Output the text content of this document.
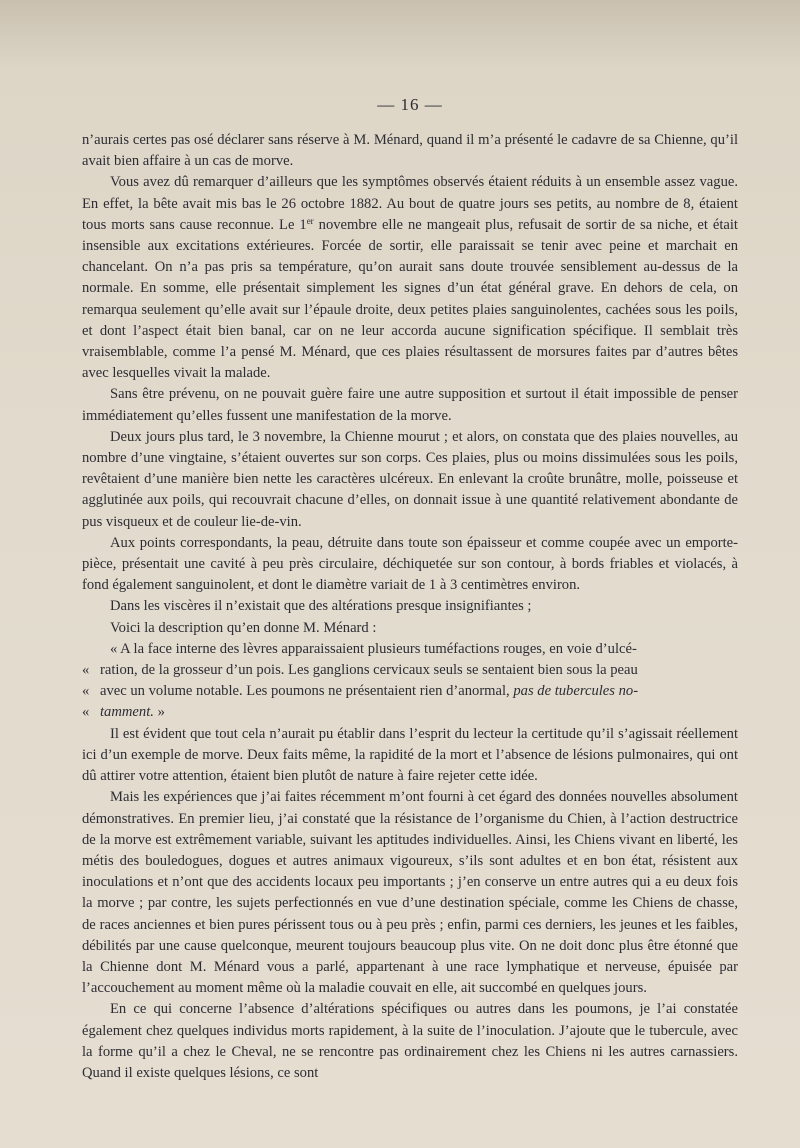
— 16 —

n’aurais certes pas osé déclarer sans réserve à M. Ménard, quand il m’a présenté le cadavre de sa Chienne, qu’il avait bien affaire à un cas de morve.

Vous avez dû remarquer d’ailleurs que les symptômes observés étaient réduits à un ensemble assez vague. En effet, la bête avait mis bas le 26 octobre 1882. Au bout de quatre jours ses petits, au nombre de 8, étaient tous morts sans cause reconnue. Le 1er novembre elle ne mangeait plus, refusait de sortir de sa niche, et était insensible aux excitations extérieures. Forcée de sortir, elle paraissait se tenir avec peine et marchait en chancelant. On n’a pas pris sa température, qu’on aurait sans doute trouvée sensiblement au-dessus de la normale. En somme, elle présentait simplement les signes d’un état général grave. En dehors de cela, on remarqua seulement qu’elle avait sur l’épaule droite, deux petites plaies sanguinolentes, cachées sous les poils, et dont l’aspect était bien banal, car on ne leur accorda aucune signification spécifique. Il semblait très vraisemblable, comme l’a pensé M. Ménard, que ces plaies résultassent de morsures faites par d’autres bêtes avec lesquelles vivait la malade.

Sans être prévenu, on ne pouvait guère faire une autre supposition et surtout il était impossible de penser immédiatement qu’elles fussent une manifestation de la morve.

Deux jours plus tard, le 3 novembre, la Chienne mourut ; et alors, on constata que des plaies nouvelles, au nombre d’une vingtaine, s’étaient ouvertes sur son corps. Ces plaies, plus ou moins dissimulées sous les poils, revêtaient d’une manière bien nette les caractères ulcéreux. En enlevant la croûte brunâtre, molle, poisseuse et agglutinée aux poils, qui recouvrait chacune d’elles, on donnait issue à une quantité relativement abondante de pus visqueux et de couleur lie-de-vin.

Aux points correspondants, la peau, détruite dans toute son épaisseur et comme coupée avec un emporte-pièce, présentait une cavité à peu près circulaire, déchiquetée sur son contour, à bords friables et violacés, à fond également sanguinolent, et dont le diamètre variait de 1 à 3 centimètres environ.

Dans les viscères il n’existait que des altérations presque insignifiantes ;

Voici la description qu’en donne M. Ménard :

« A la face interne des lèvres apparaissaient plusieurs tuméfactions rouges, en voie d’ulcé-

« ration, de la grosseur d’un pois. Les ganglions cervicaux seuls se sentaient bien sous la peau

« avec un volume notable. Les poumons ne présentaient rien d’anormal, pas de tubercules no-

« tamment. »

Il est évident que tout cela n’aurait pu établir dans l’esprit du lecteur la certitude qu’il s’agissait réellement ici d’un exemple de morve. Deux faits même, la rapidité de la mort et l’absence de lésions pulmonaires, qui ont dû attirer votre attention, étaient bien plutôt de nature à faire rejeter cette idée.

Mais les expériences que j’ai faites récemment m’ont fourni à cet égard des données nouvelles absolument démonstratives. En premier lieu, j’ai constaté que la résistance de l’organisme du Chien, à l’action destructrice de la morve est extrêmement variable, suivant les aptitudes individuelles. Ainsi, les Chiens vivant en liberté, les métis des bouledogues, dogues et autres animaux vigoureux, s’ils sont adultes et en bon état, résistent aux inoculations et n’ont que des accidents locaux peu importants ; j’en conserve un entre autres qui a eu deux fois la morve ; par contre, les sujets perfectionnés en vue d’une destination spéciale, comme les Chiens de chasse, de races anciennes et bien pures périssent tous ou à peu près ; enfin, parmi ces derniers, les jeunes et les faibles, débilités par une cause quelconque, meurent toujours beaucoup plus vite. On ne doit donc plus être étonné que la Chienne dont M. Ménard vous a parlé, appartenant à une race lymphatique et nerveuse, épuisée par l’accouchement au moment même où la maladie couvait en elle, ait succombé en quelques jours.

En ce qui concerne l’absence d’altérations spécifiques ou autres dans les poumons, je l’ai constatée également chez quelques individus morts rapidement, à la suite de l’inoculation. J’ajoute que le tubercule, avec la forme qu’il a chez le Cheval, ne se rencontre pas ordinairement chez les Chiens ni les autres carnassiers. Quand il existe quelques lésions, ce sont
